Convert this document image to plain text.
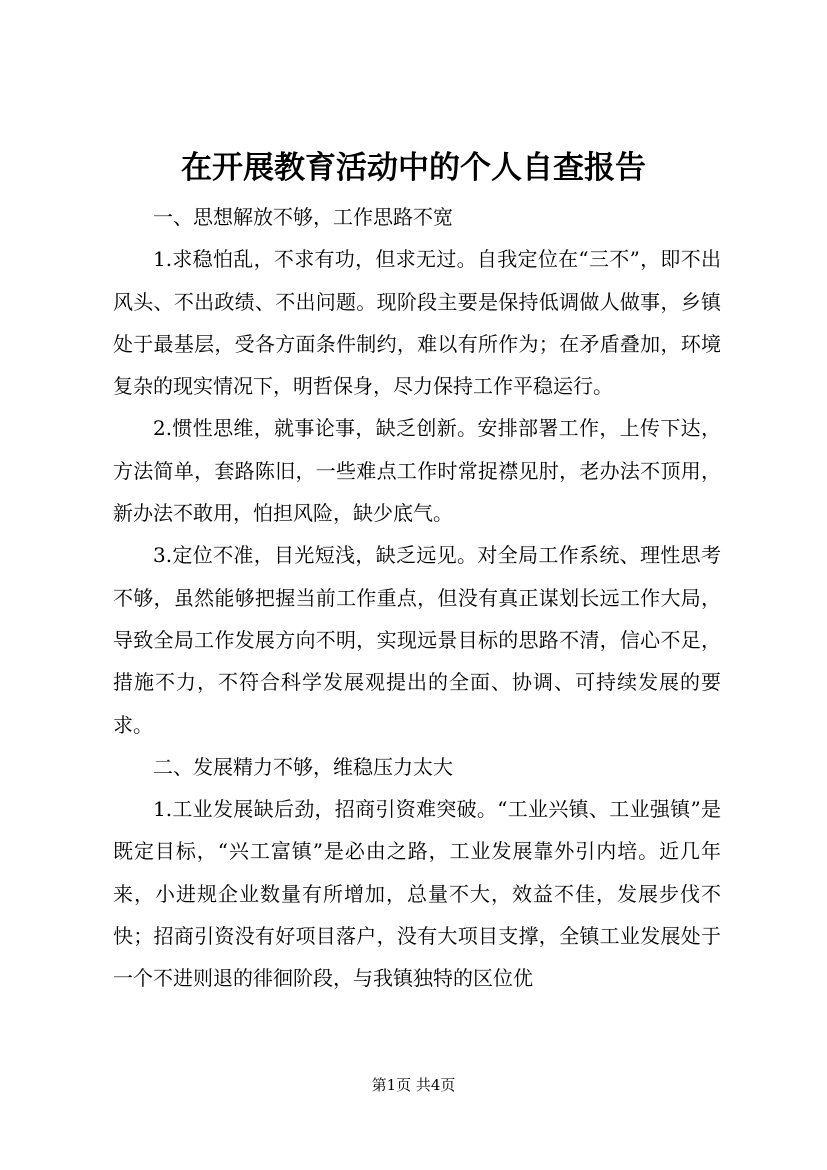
在开展教育活动中的个人自查报告

一、思想解放不够，工作思路不宽

1.求稳怕乱，不求有功，但求无过。自我定位在“三不”，即不出风头、不出政绩、不出问题。现阶段主要是保持低调做人做事，乡镇处于最基层，受各方面条件制约，难以有所作为；在矛盾叠加，环境复杂的现实情况下，明哲保身，尽力保持工作平稳运行。

2.惯性思维，就事论事，缺乏创新。安排部署工作，上传下达，方法简单，套路陈旧，一些难点工作时常捉襟见肘，老办法不顶用，新办法不敢用，怕担风险，缺少底气。

3.定位不准，目光短浅，缺乏远见。对全局工作系统、理性思考不够，虽然能够把握当前工作重点，但没有真正谋划长远工作大局，导致全局工作发展方向不明，实现远景目标的思路不清，信心不足，措施不力，不符合科学发展观提出的全面、协调、可持续发展的要求。

二、发展精力不够，维稳压力太大

1.工业发展缺后劲，招商引资难突破。“工业兴镇、工业强镇”是既定目标，“兴工富镇”是必由之路，工业发展靠外引内培。近几年来，小进规企业数量有所增加，总量不大，效益不佳，发展步伐不快；招商引资没有好项目落户，没有大项目支撑，全镇工业发展处于一个不进则退的徘徊阶段，与我镇独特的区位优

第1页 共4页
